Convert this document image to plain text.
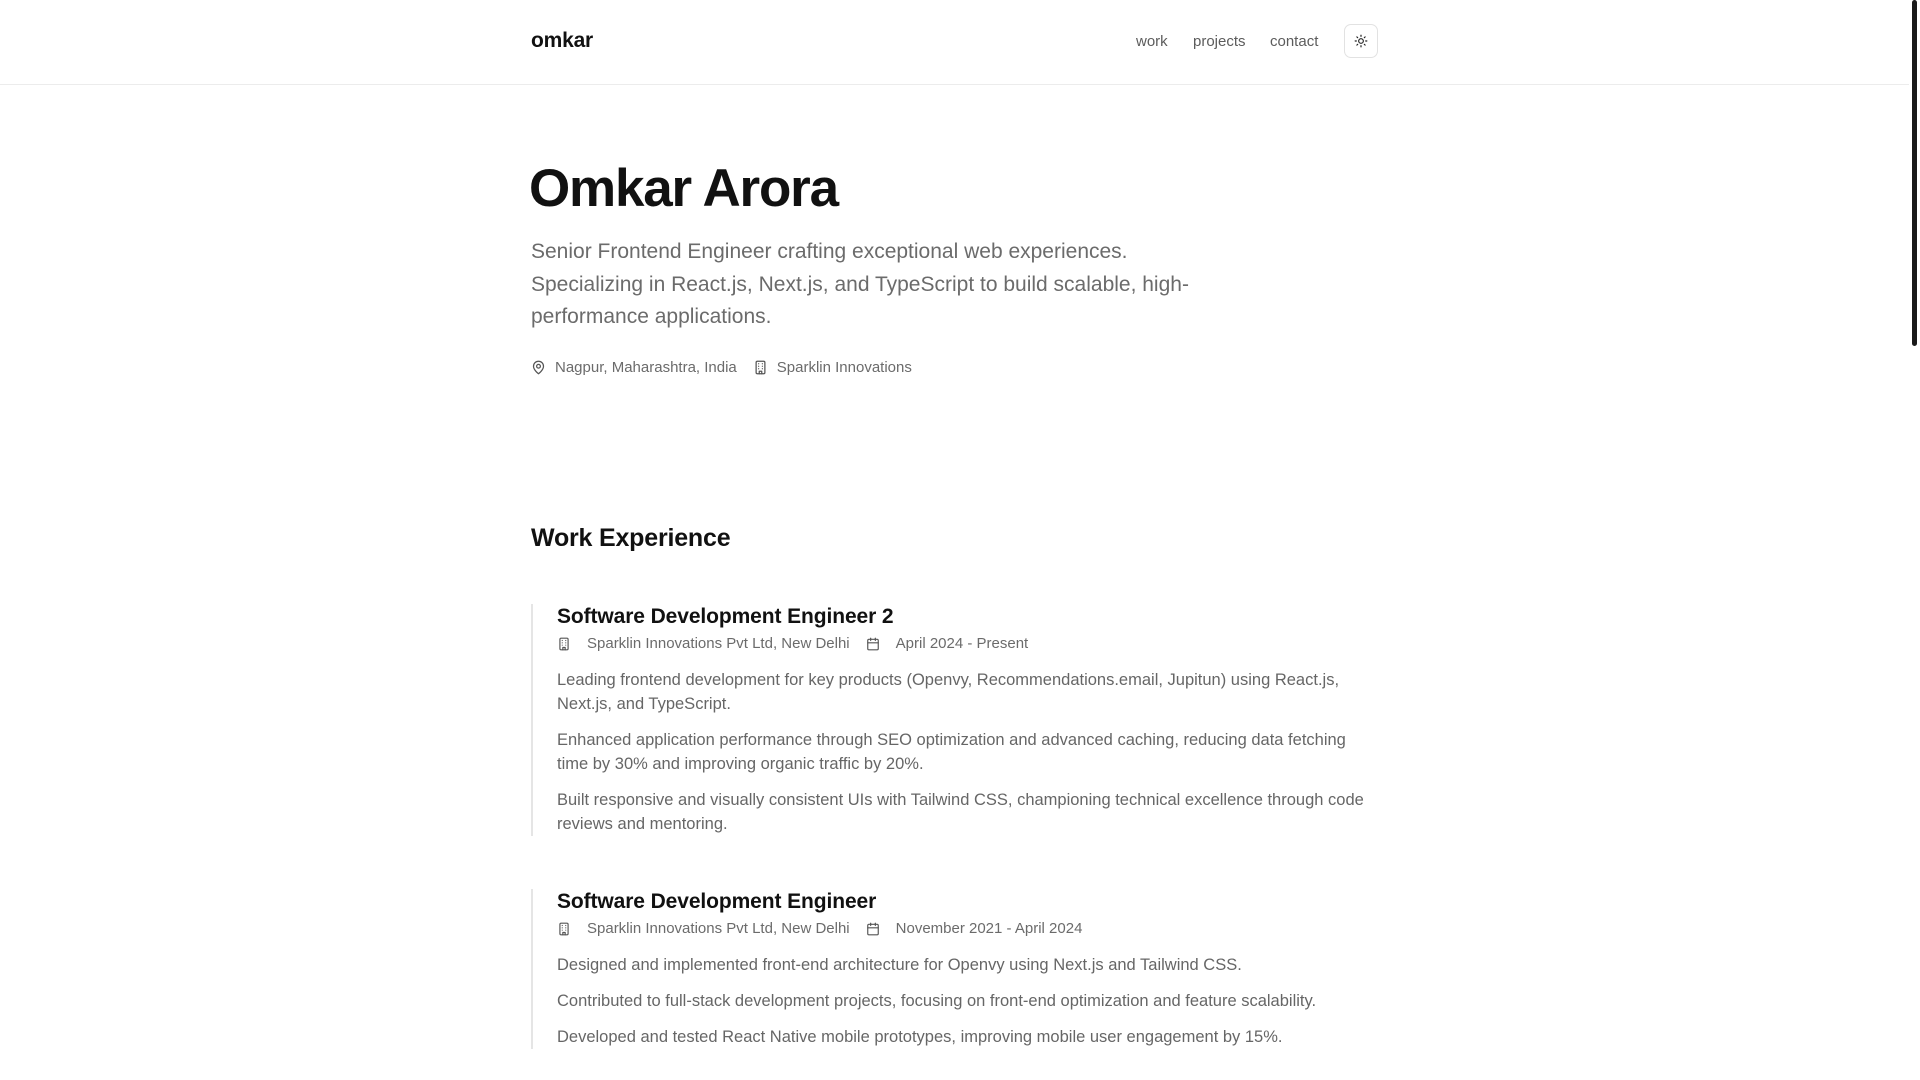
omkar	work projects contact
Omkar Arora

Senior Frontend Engineer crafting exceptional web experiences. Specializing in React.js, Next.js, and TypeScript to build scalable, high-performance applications.

Nagpur, Maharashtra, India	Sparklin Innovations
Work Experience
Software Development Engineer 2
Sparklin Innovations Pvt Ltd, New Delhi	April 2024 - Present

Leading frontend development for key products (Openvy, Recommendations.email, Jupitun) using React.js, Next.js, and TypeScript.

Enhanced application performance through SEO optimization and advanced caching, reducing data fetching time by 30% and improving organic traffic by 20%.

Built responsive and visually consistent UIs with Tailwind CSS, championing technical excellence through code reviews and mentoring.

Software Development Engineer
Sparklin Innovations Pvt Ltd, New Delhi	November 2021 - April 2024

Designed and implemented front-end architecture for Openvy using Next.js and Tailwind CSS.

Contributed to full-stack development projects, focusing on front-end optimization and feature scalability.

Developed and tested React Native mobile prototypes, improving mobile user engagement by 15%.
